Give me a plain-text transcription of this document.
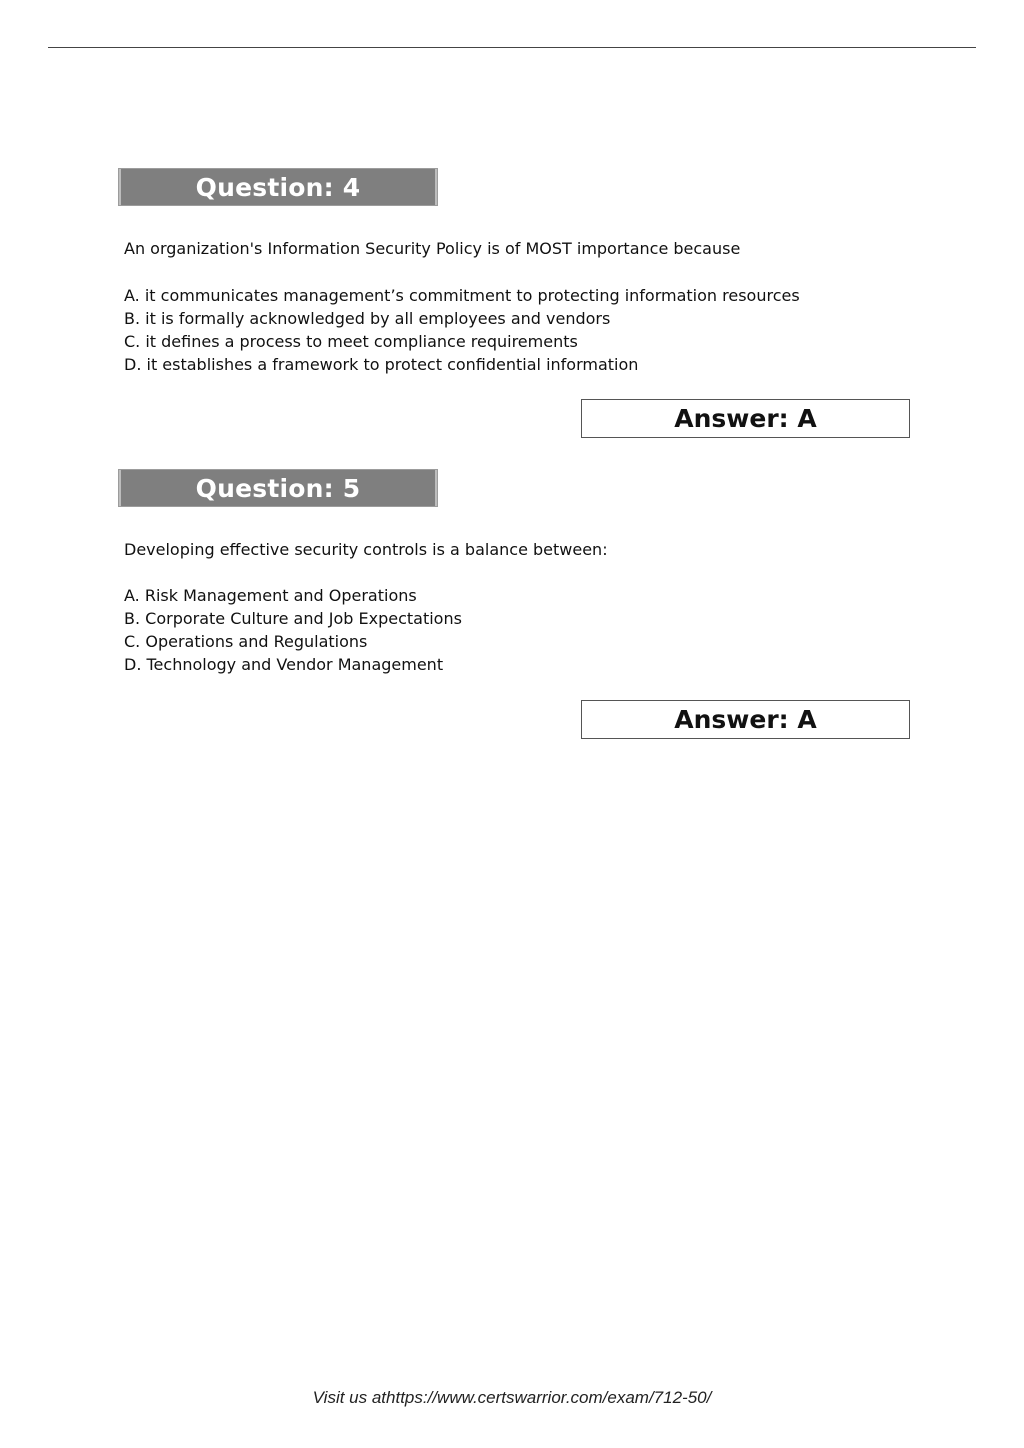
Question: 4
An organization's Information Security Policy is of MOST importance because
A. it communicates management’s commitment to protecting information resources
B. it is formally acknowledged by all employees and vendors
C. it defines a process to meet compliance requirements
D. it establishes a framework to protect confidential information
Answer: A
Question: 5
Developing effective security controls is a balance between:
A. Risk Management and Operations
B. Corporate Culture and Job Expectations
C. Operations and Regulations
D. Technology and Vendor Management
Answer: A
Visit us athttps://www.certswarrior.com/exam/712-50/
